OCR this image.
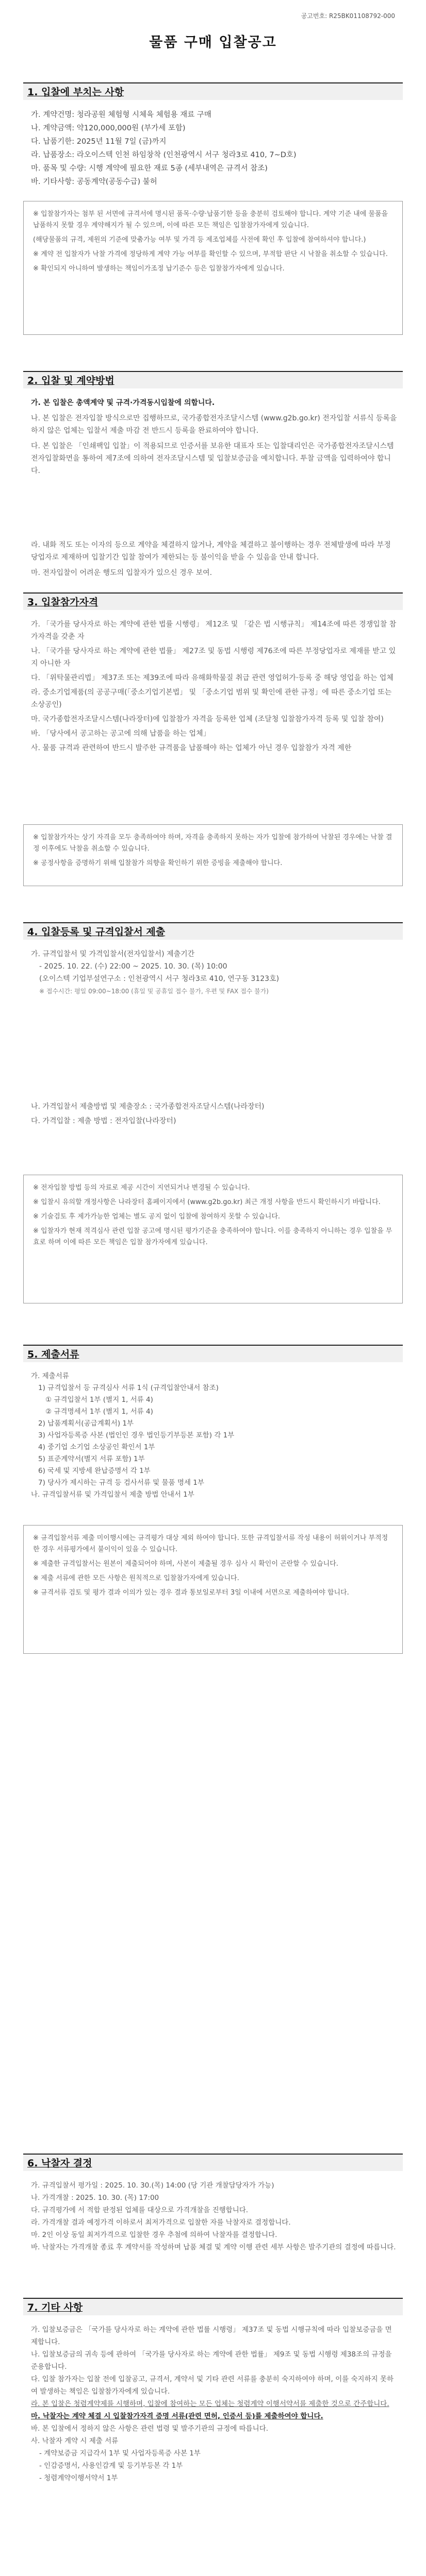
공고번호: R25BK01108792-000
물품 구매 입찰공고
1. 입찰에 부치는 사항

가. 계약건명: 청라공원 체험형 시체육 체험용 재료 구매

나. 계약금액: 약120,000,000원 (부가세 포함)

다. 납품기한: 2025년 11월 7일 (금)까지

라. 납품장소: 라오이스텍 인천 하임창착 (인천광역시 서구 청라3로 410, 7~D호)

마. 품목 및 수량: 시행 계약에 필요한 재료 5종 (세부내역은 규격서 참조)

바. 기타사항: 공동계약(공동수급) 불허

※ 입찰참가자는 첨부 된 서면에 규격서에 명시된 품목·수량·납품기한 등을 충분히 검토해야 합니다. 계약 기준 내에 물품을 납품하지 못할 경우 계약해지가 될 수 있으며, 이에 따른 모든 책임은 입찰참가자에게 있습니다.

(해당물품의 규격, 제원의 기준에 맞춤가능 여부 및 가격 등 제조업체를 사전에 확인 후 입찰에 참여하셔야 합니다.)

※ 계약 전 입찰자가 낙찰 가격에 정당하게 계약 가능 여부를 확인할 수 있으며, 부적합 판단 시 낙찰을 취소할 수 있습니다.

※ 확인되지 아니하여 발생하는 책임이가조정 납기준수 등은 입찰참가자에게 있습니다.

2. 입찰 및 계약방법

가. 본 입찰은 총액계약 및 규격·가격동시입찰에 의합니다.

나. 본 입찰은 전자입찰 방식으로만 집행하므로, 국가종합전자조달시스템 (www.g2b.go.kr) 전자입찰 서류식 등록을 하지 않은 업체는 입찰서 제출 마감 전 반드시 등록을 완료하여야 합니다.

다. 본 입찰은 「인쇄팩입 입찰」이 적용되므로 인증서를 보유한 대표자 또는 입찰대리인은 국가종합전자조달시스템 전자입찰화면을 통하여 제7조에 의하여 전자조달시스템 및 입찰보증금을 예치합니다. 투찰 금액을 입력하여야 합니다.

라. 내화 적도 또는 이자의 등으로 계약을 체결하지 않거나, 계약을 체결하고 불이행하는 경우 전체발생에 따라 부정당업자로 제재하며 입찰기간 입찰 참여가 제한되는 등 불이익을 받을 수 있음을 안내 합니다.

마. 전자입찰이 어려운 행도의 입찰자가 있으신 경우 보여.

3. 입찰참가자격

가. 「국가를 당사자로 하는 계약에 관한 법률 시행령」 제12조 및 「같은 법 시행규칙」 제14조에 따른 경쟁입찰 참가자격을 갖춘 자

나. 「국가를 당사자로 하는 계약에 관한 법률」 제27조 및 동법 시행령 제76조에 따른 부정당업자로 제재를 받고 있지 아니한 자

다. 「위탁물관리법」 제37조 또는 제39조에 따라 유해화학물질 취급 관련 영업허가·등록 중 해당 영업을 하는 업체

라. 중소기업제품(의 공공구매(「중소기업기본법」 및 「중소기업 범위 및 확인에 관한 규정」에 따른 중소기업 또는 소상공인)

마. 국가종합전자조달시스템(나라장터)에 입찰참가 자격을 등록한 업체 (조달청 입찰참가자격 등록 및 입찰 참여)

바. 「당사에서 공고하는 공고에 의해 납품을 하는 업체」

사. 물품 규격과 관련하여 반드시 발주한 규격품을 납품해야 하는 업체가 아닌 경우 입찰참가 자격 제한

※ 입찰참가자는 상기 자격을 모두 충족하여야 하며, 자격을 충족하지 못하는 자가 입찰에 참가하여 낙찰된 경우에는 낙찰 결정 이후에도 낙찰을 취소할 수 있습니다.

※ 공정사항을 증명하기 위해 입찰참가 의향을 확인하기 위한 증빙을 제출해야 합니다.

4. 입찰등록 및 규격입찰서 제출

가. 규격입찰서 및 가격입찰서(전자입찰서) 제출기간

- 2025. 10. 22. (수) 22:00 ~ 2025. 10. 30. (목) 10:00

(오이스텍 기업부설연구소 : 인천광역시 서구 청라3로 410, 연구동 3123호)

※ 접수시간: 평일 09:00~18:00 (휴일 및 공휴일 접수 불가, 우편 및 FAX 접수 불가)

나. 가격입찰서 제출방법 및 제출장소 : 국가종합전자조달시스템(나라장터)

다. 가격입찰 : 제출 방법 : 전자입찰(나라장터)

※ 전자입찰 방법 등의 자료로 제공 시간이 지연되거나 변경될 수 있습니다.

※ 입찰시 유의할 개정사항은 나라장터 홈페이지에서 (www.g2b.go.kr) 최근 개정 사항을 반드시 확인하시기 바랍니다.

※ 기술검토 후 제가가능한 업체는 별도 공지 없이 입찰에 참여하지 못할 수 있습니다.

※ 입찰자가 현재 적격심사 관련 입찰 공고에 명시된 평가기준을 충족하여야 합니다. 이를 충족하지 아니하는 경우 입찰을 무효로 하며 이에 따른 모든 책임은 입찰 참가자에게 있습니다.

5. 제출서류

가. 제출서류

1) 규격입찰서 등 규격심사 서류 1식 (규격입찰안내서 참조)

① 규격입찰서 1부 (별지 1, 서류 4)

② 규격명세서 1부 (별지 1, 서류 4)

2) 납품계획서(공급계획서) 1부

3) 사업자등록증 사본 (법인인 경우 법인등기부등본 포함) 각 1부

4) 중기업 소기업 소상공인 확인서 1부

5) 표준계약서(별지 서류 포함) 1부

6) 국세 및 지방세 완납증명서 각 1부

7) 당사가 제시하는 규격 등 검사서류 및 물품 명세 1부

나. 규격입찰서류 및 가격입찰서 제출 방법 안내서 1부

※ 규격입찰서류 제출 미이행시에는 규격평가 대상 제외 하여야 합니다. 또한 규격입찰서류 작성 내용이 허위이거나 부적정한 경우 서류평가에서 불이익이 있을 수 있습니다.

※ 제출한 규격입찰서는 원본이 제출되어야 하며, 사본이 제출될 경우 심사 시 확인이 곤란할 수 있습니다.

※ 제출 서류에 관한 모든 사항은 원칙적으로 입찰참가자에게 있습니다.

※ 규격서류 검토 및 평가 결과 이의가 있는 경우 결과 통보일로부터 3일 이내에 서면으로 제출하여야 합니다.

6. 낙찰자 결정

가. 규격입찰서 평가일 : 2025. 10. 30.(목) 14:00 (당 기관 개찰담당자가 가능)

나. 가격개찰 : 2025. 10. 30. (목) 17:00

다. 규격평가에 서 적합 판정된 업체를 대상으로 가격개찰을 진행합니다.

라. 가격개찰 결과 예정가격 이하로서 최저가격으로 입찰한 자를 낙찰자로 결정합니다.

마. 2인 이상 동일 최저가격으로 입찰한 경우 추첨에 의하여 낙찰자를 결정합니다.

바. 낙찰자는 가격개찰 종료 후 계약서를 작성하며 납품 체결 및 계약 이행 관련 세부 사항은 발주기관의 결정에 따릅니다.

7. 기타 사항

가. 입찰보증금은 「국가를 당사자로 하는 계약에 관한 법률 시행령」 제37조 및 동법 시행규칙에 따라 입찰보증금을 면제합니다.

나. 입찰보증금의 귀속 등에 관하여 「국가를 당사자로 하는 계약에 관한 법률」 제9조 및 동법 시행령 제38조의 규정을 준용합니다.

다. 입찰 참가자는 입찰 전에 입찰공고, 규격서, 계약서 및 기타 관련 서류를 충분히 숙지하여야 하며, 이를 숙지하지 못하여 발생하는 책임은 입찰참가자에게 있습니다.

라. 본 입찰은 청렴계약제를 시행하며, 입찰에 참여하는 모든 업체는 청렴계약 이행서약서를 제출한 것으로 간주합니다.

마. 낙찰자는 계약 체결 시 입찰참가자격 증명 서류(관련 면허, 인증서 등)를 제출하여야 합니다.

바. 본 입찰에서 정하지 않은 사항은 관련 법령 및 발주기관의 규정에 따릅니다.

사. 낙찰자 계약 시 제출 서류

- 계약보증금 지급각서 1부 및 사업자등록증 사본 1부

- 인감증명서, 사용인감계 및 등기부등본 각 1부

- 청렴계약이행서약서 1부
